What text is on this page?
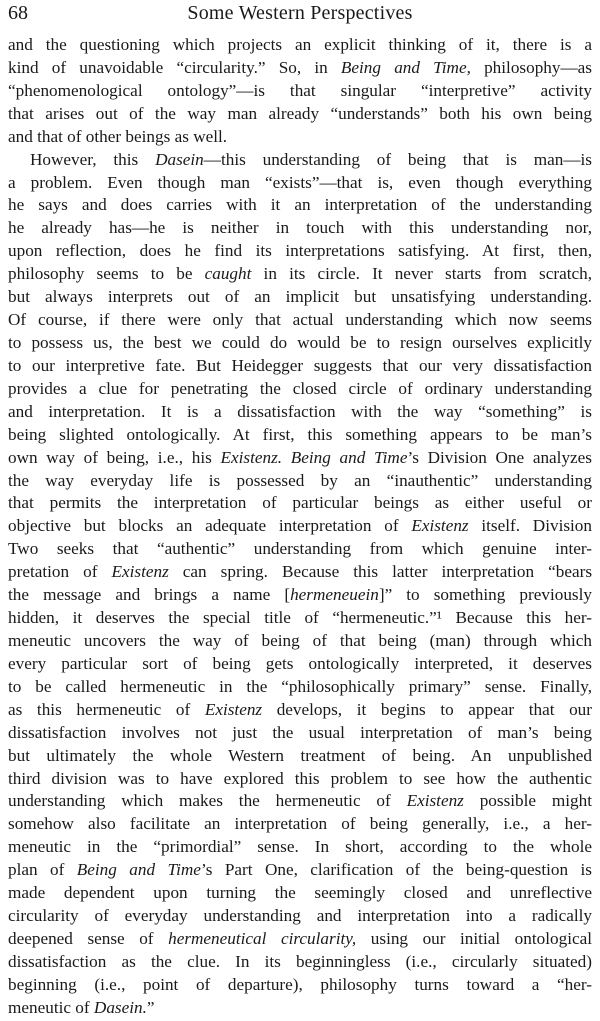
68	Some Western Perspectives
and the questioning which projects an explicit thinking of it, there is a
kind of unavoidable “circularity.” So, in Being and Time, philosophy—as
“phenomenological ontology”—is that singular “interpretive” activity
that arises out of the way man already “understands” both his own being
and that of other beings as well.
However, this Dasein—this understanding of being that is man—is
a problem. Even though man “exists”—that is, even though everything
he says and does carries with it an interpretation of the understanding
he already has—he is neither in touch with this understanding nor,
upon reflection, does he find its interpretations satisfying. At first, then,
philosophy seems to be caught in its circle. It never starts from scratch,
but always interprets out of an implicit but unsatisfying understanding.
Of course, if there were only that actual understanding which now seems
to possess us, the best we could do would be to resign ourselves explicitly
to our interpretive fate. But Heidegger suggests that our very dissatisfaction
provides a clue for penetrating the closed circle of ordinary understanding
and interpretation. It is a dissatisfaction with the way “something” is
being slighted ontologically. At first, this something appears to be man’s
own way of being, i.e., his Existenz. Being and Time’s Division One analyzes
the way everyday life is possessed by an “inauthentic” understanding
that permits the interpretation of particular beings as either useful or
objective but blocks an adequate interpretation of Existenz itself. Division
Two seeks that “authentic” understanding from which genuine inter-
pretation of Existenz can spring. Because this latter interpretation “bears
the message and brings a name [hermeneuein]” to something previously
hidden, it deserves the special title of “hermeneutic.”¹ Because this her-
meneutic uncovers the way of being of that being (man) through which
every particular sort of being gets ontologically interpreted, it deserves
to be called hermeneutic in the “philosophically primary” sense. Finally,
as this hermeneutic of Existenz develops, it begins to appear that our
dissatisfaction involves not just the usual interpretation of man’s being
but ultimately the whole Western treatment of being. An unpublished
third division was to have explored this problem to see how the authentic
understanding which makes the hermeneutic of Existenz possible might
somehow also facilitate an interpretation of being generally, i.e., a her-
meneutic in the “primordial” sense. In short, according to the whole
plan of Being and Time’s Part One, clarification of the being-question is
made dependent upon turning the seemingly closed and unreflective
circularity of everyday understanding and interpretation into a radically
deepened sense of hermeneutical circularity, using our initial ontological
dissatisfaction as the clue. In its beginningless (i.e., circularly situated)
beginning (i.e., point of departure), philosophy turns toward a “her-
meneutic of Dasein.”
